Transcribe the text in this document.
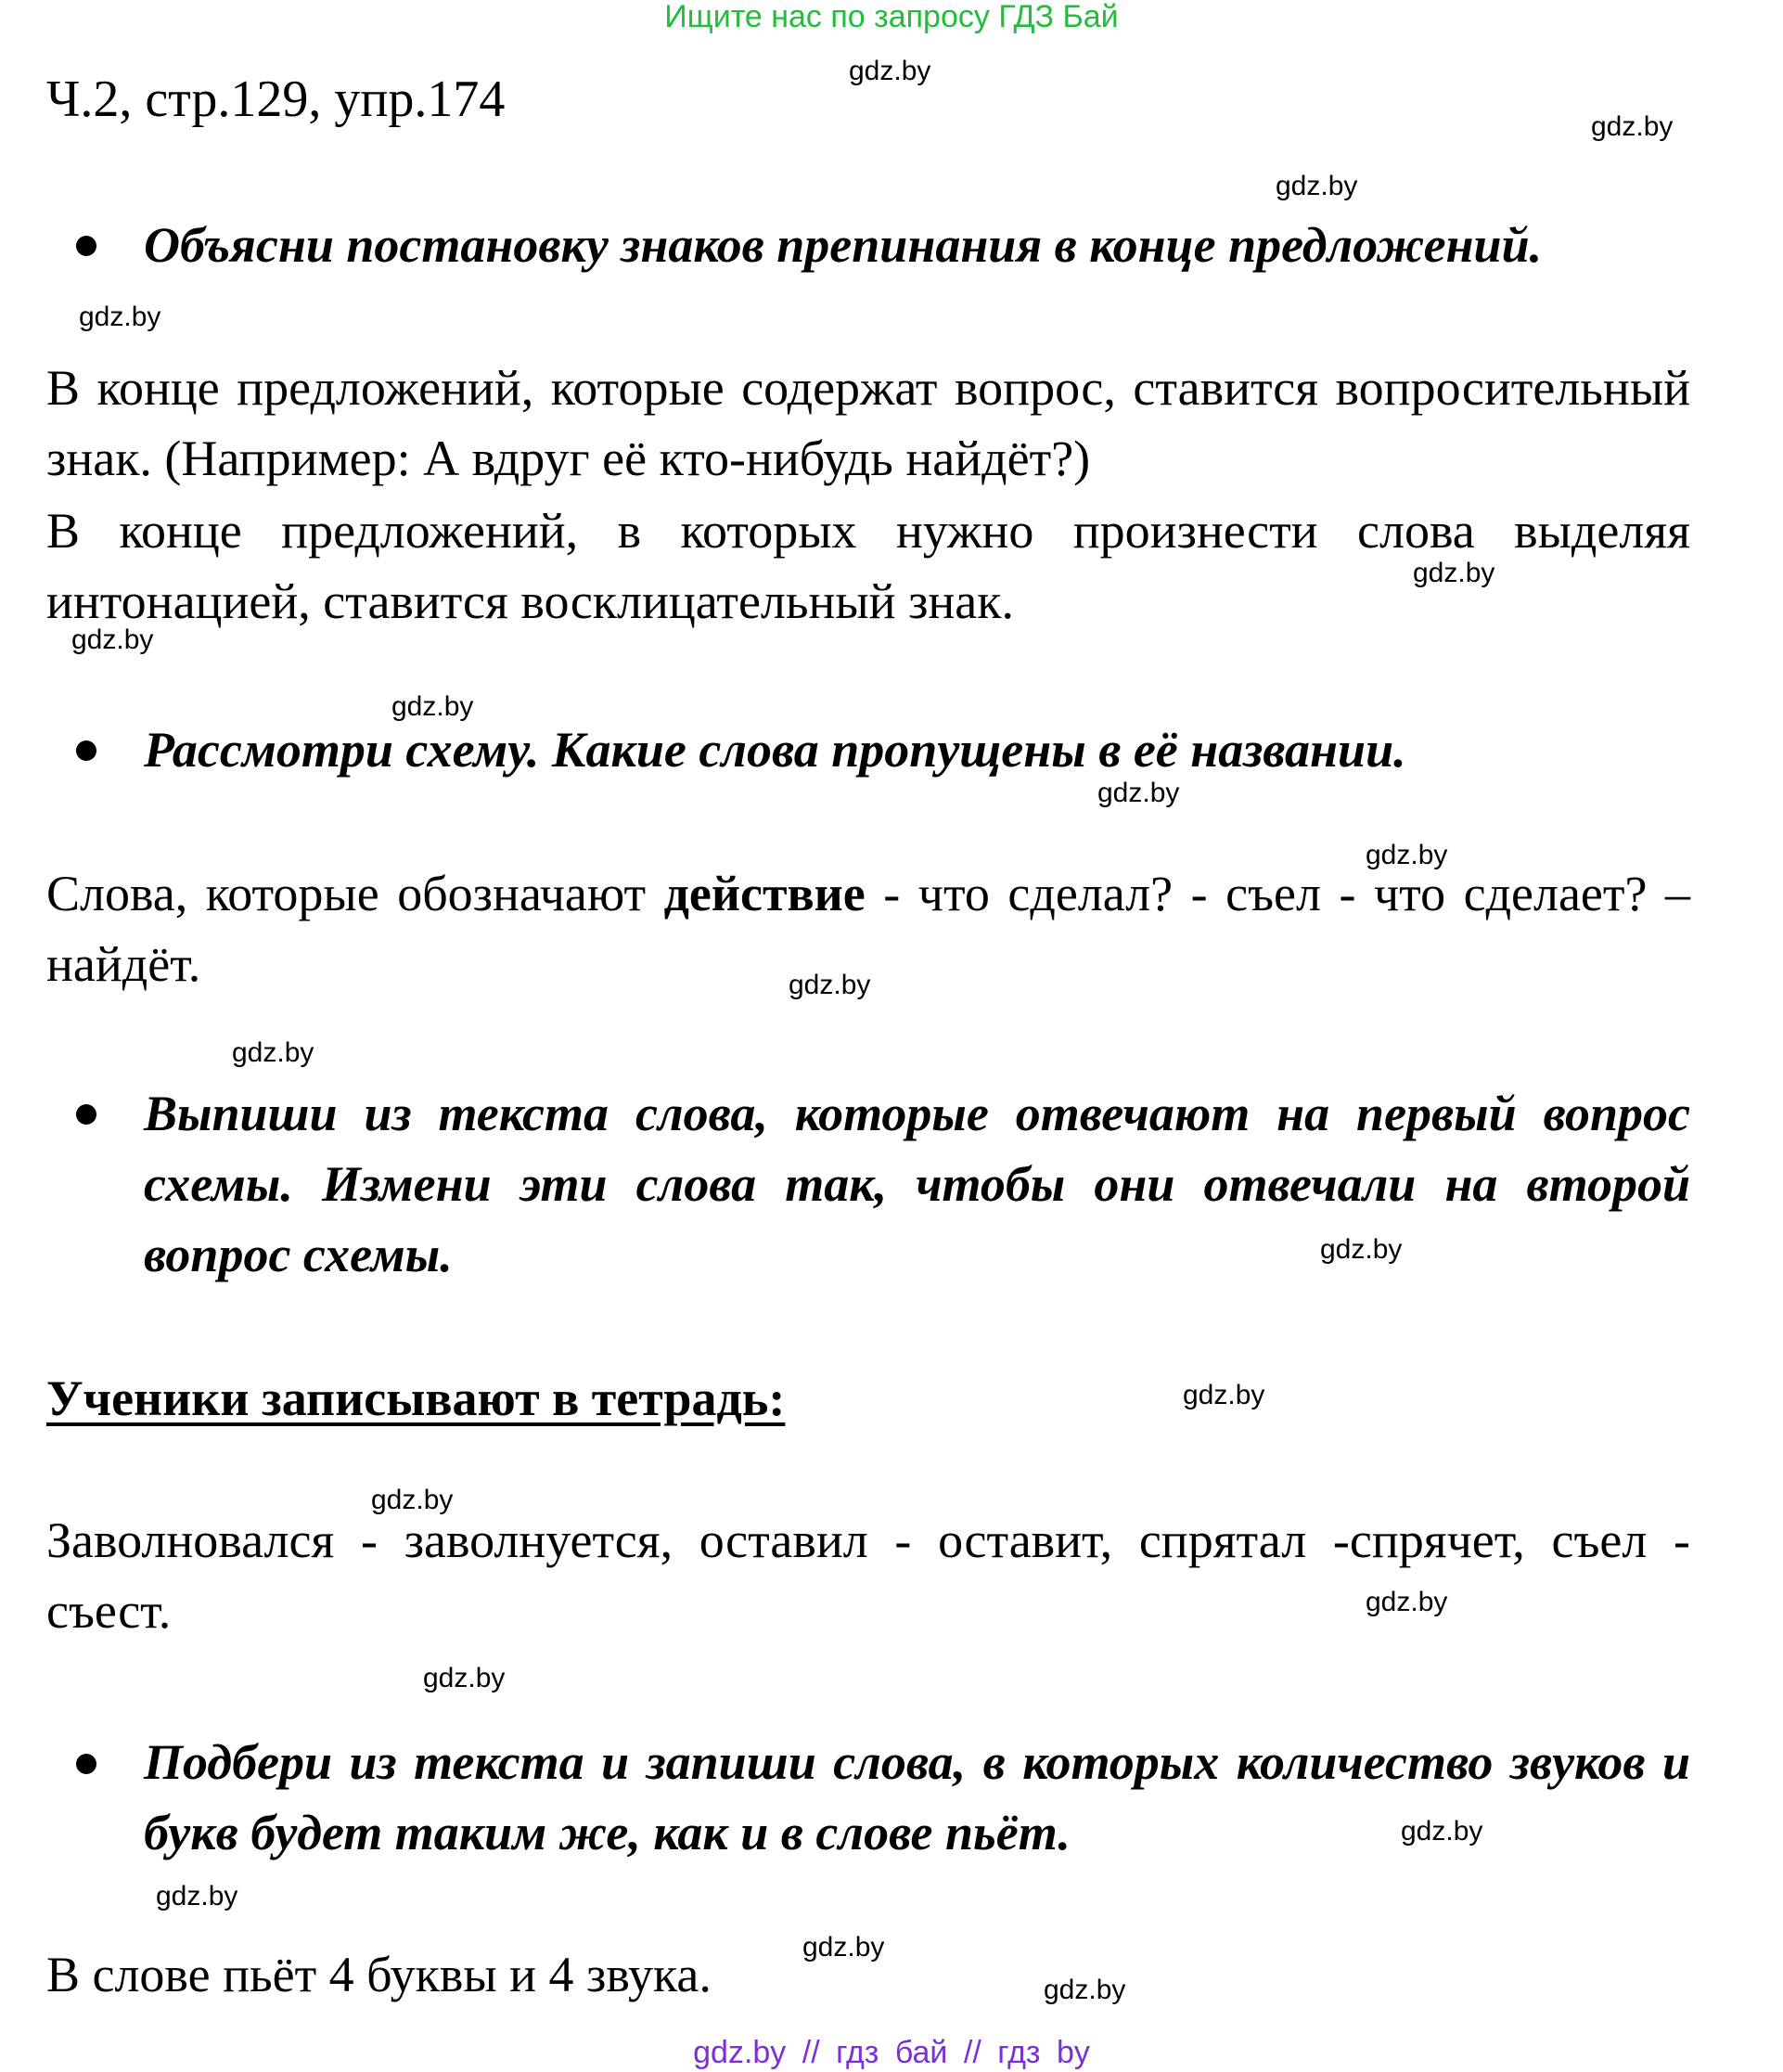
Ищите нас по запросу ГДЗ Бай
Ч.2, стр.129, упр.174	gdz.by
gdz.by
gdz.by
gdz.by
gdz.by
gdz.by
gdz.by
gdz.by
gdz.by
gdz.by
gdz.by
gdz.by
gdz.by
gdz.by
gdz.by
gdz.by
gdz.by
gdz.by
gdz.by
gdz.by
Объясни постановку знаков препинания в конце предложений.
В конце предложений, которые содержат вопрос, ставится вопросительный знак. (Например: А вдруг её кто-нибудь найдёт?)
В конце предложений, в которых нужно произнести слова выделяя интонацией, ставится восклицательный знак.
Рассмотри схему. Какие слова пропущены в её названии.
Слова, которые обозначают действие - что сделал? - съел - что сделает? – найдёт.
Выпиши из текста слова, которые отвечают на первый вопрос схемы. Измени эти слова так, чтобы они отвечали на второй вопрос схемы.
Ученики записывают в тетрадь:
Заволновался - заволнуется, оставил - оставит, спрятал -спрячет, съел - съест.
Подбери из текста и запиши слова, в которых количество звуков и букв будет таким же, как и в слове пьёт.
В слове пьёт 4 буквы и 4 звука.
gdz.by // гдз бай // гдз by
